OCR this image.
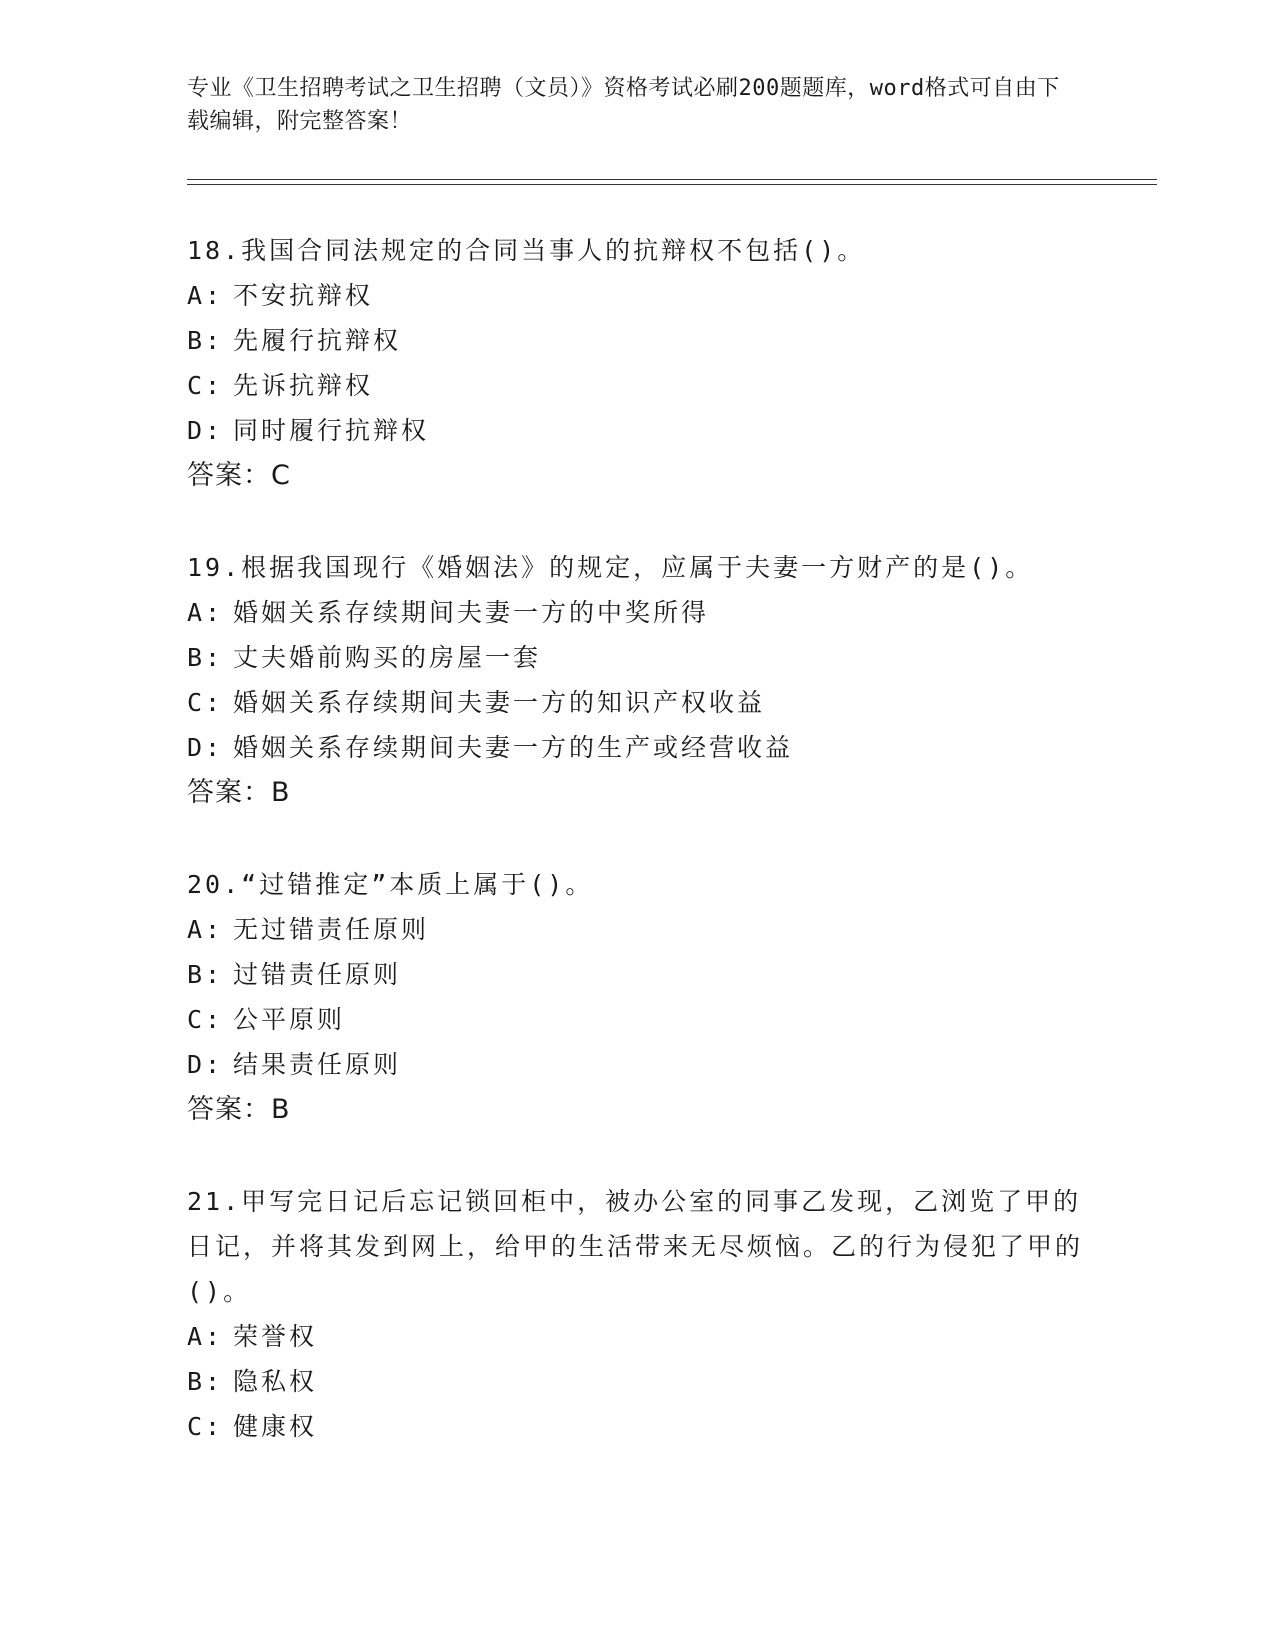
专业《卫生招聘考试之卫生招聘（文员）》资格考试必刷200题题库，word格式可自由下载编辑，附完整答案！
18.我国合同法规定的合同当事人的抗辩权不包括()。
A: 不安抗辩权
B: 先履行抗辩权
C: 先诉抗辩权
D: 同时履行抗辩权
答案：C
19.根据我国现行《婚姻法》的规定，应属于夫妻一方财产的是()。
A: 婚姻关系存续期间夫妻一方的中奖所得
B: 丈夫婚前购买的房屋一套
C: 婚姻关系存续期间夫妻一方的知识产权收益
D: 婚姻关系存续期间夫妻一方的生产或经营收益
答案：B
20.“过错推定”本质上属于()。
A: 无过错责任原则
B: 过错责任原则
C: 公平原则
D: 结果责任原则
答案：B
21.甲写完日记后忘记锁回柜中，被办公室的同事乙发现，乙浏览了甲的日记，并将其发到网上，给甲的生活带来无尽烦恼。乙的行为侵犯了甲的()。
A: 荣誉权
B: 隐私权
C: 健康权
